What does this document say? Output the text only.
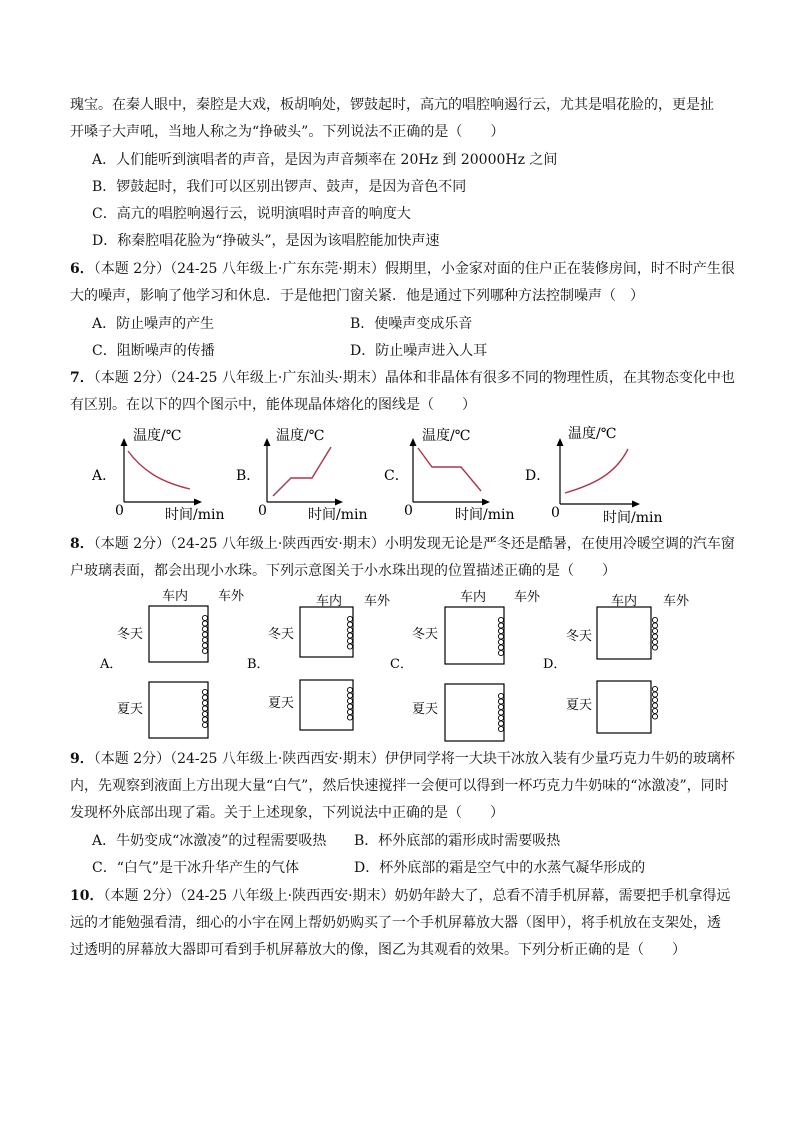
瑰宝。在秦人眼中，秦腔是大戏，板胡响处，锣鼓起时，高亢的唱腔响遏行云，尤其是唱花脸的，更是扯
开嗓子大声吼，当地人称之为“挣破头”。下列说法不正确的是（　　）
A．人们能听到演唱者的声音，是因为声音频率在 20Hz 到 20000Hz 之间
B．锣鼓起时，我们可以区别出锣声、鼓声，是因为音色不同
C．高亢的唱腔响遏行云，说明演唱时声音的响度大
D．称秦腔唱花脸为“挣破头”，是因为该唱腔能加快声速
6．（本题 2分）（24-25 八年级上·广东东莞·期末）假期里，小金家对面的住户正在装修房间，时不时产生很
大的噪声，影响了他学习和休息．于是他把门窗关紧．他是通过下列哪种方法控制噪声（　）
A．防止噪声的产生	B．使噪声变成乐音
C．阻断噪声的传播	D．防止噪声进入人耳
7．（本题 2分）（24-25 八年级上·广东汕头·期末）晶体和非晶体有很多不同的物理性质，在其物态变化中也
有区别。在以下的四个图示中，能体现晶体熔化的图线是（　　）
A．
温度/℃
时间/min
0
B．
温度/℃
时间/min
0
C．
温度/℃
时间/min
0
D．
温度/℃
时间/min
0
8．（本题 2分）（24-25 八年级上·陕西西安·期末）小明发现无论是严冬还是酷暑，在使用冷暖空调的汽车窗
户玻璃表面，都会出现小水珠。下列示意图关于小水珠出现的位置描述正确的是（　　）
A．
车内 车外
冬天
夏天
B．
车内 车外
冬天
夏天
C．
车内 车外
冬天
夏天
D．
车内 车外
冬天
夏天
9．（本题 2分）（24-25 八年级上·陕西西安·期末）伊伊同学将一大块干冰放入装有少量巧克力牛奶的玻璃杯
内，先观察到液面上方出现大量“白气”，然后快速搅拌一会便可以得到一杯巧克力牛奶味的“冰激凌”，同时
发现杯外底部出现了霜。关于上述现象，下列说法中正确的是（　　）
A．牛奶变成“冰激凌”的过程需要吸热 B．杯外底部的霜形成时需要吸热
C．“白气”是干冰升华产生的气体	D．杯外底部的霜是空气中的水蒸气凝华形成的
10．（本题 2分）（24-25 八年级上·陕西西安·期末）奶奶年龄大了，总看不清手机屏幕，需要把手机拿得远
远的才能勉强看清，细心的小宇在网上帮奶奶购买了一个手机屏幕放大器（图甲），将手机放在支架处，透
过透明的屏幕放大器即可看到手机屏幕放大的像，图乙为其观看的效果。下列分析正确的是（　　）
